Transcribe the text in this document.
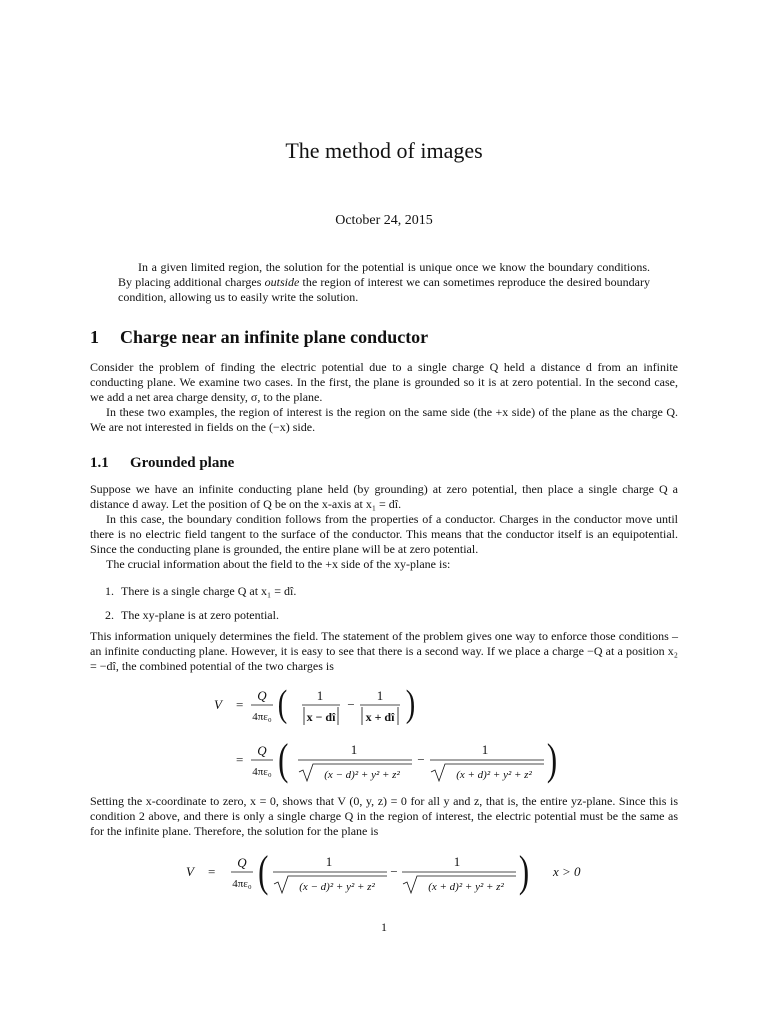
The method of images
October 24, 2015

In a given limited region, the solution for the potential is unique once we know the boundary conditions. By placing additional charges outside the region of interest we can sometimes reproduce the desired boundary condition, allowing us to easily write the solution.

1 Charge near an infinite plane conductor

Consider the problem of finding the electric potential due to a single charge Q held a distance d from an infinite conducting plane. We examine two cases. In the first, the plane is grounded so it is at zero potential. In the second case, we add a net area charge density, σ, to the plane.

In these two examples, the region of interest is the region on the same side (the +x side) of the plane as the charge Q. We are not interested in fields on the (−x) side.

1.1 Grounded plane

Suppose we have an infinite conducting plane held (by grounding) at zero potential, then place a single charge Q a distance d away. Let the position of Q be on the x-axis at x₁ = dî.

In this case, the boundary condition follows from the properties of a conductor. Charges in the conductor move until there is no electric field tangent to the surface of the conductor. This means that the conductor itself is an equipotential. Since the conducting plane is grounded, the entire plane will be at zero potential.

The crucial information about the field to the +x side of the xy-plane is:

1. There is a single charge Q at x₁ = dî.
2. The xy-plane is at zero potential.

This information uniquely determines the field. The statement of the problem gives one way to enforce those conditions – an infinite conducting plane. However, it is easy to see that there is a second way. If we place a charge −Q at a position x₂ = −dî, the combined potential of the two charges is

V =
Q
4πε₀ ( 1
x − dî
−
1
x + dî )
=
Q
4πε₀ (	1
(x − d)² + y² + z²
−
1
(x + d)² + y² + z² )

Setting the x-coordinate to zero, x = 0, shows that V (0, y, z) = 0 for all y and z, that is, the entire yz-plane. Since this is condition 2 above, and there is only a single charge Q in the region of interest, the electric potential must be the same as for the infinite plane. Therefore, the solution for the plane is

V =
Q
4πε₀ (	1
(x − d)² + y² + z²
−
1
(x + d)² + y² + z² ) x > 0
1
